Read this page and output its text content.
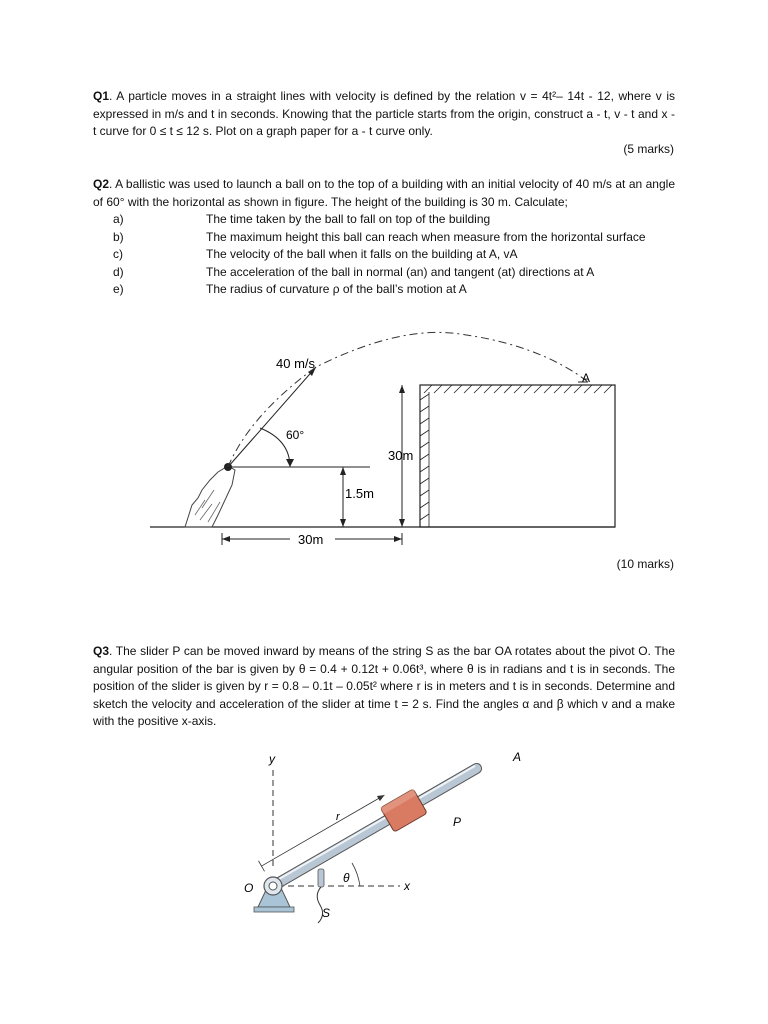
Q1. A particle moves in a straight lines with velocity is defined by the relation v = 4t²– 14t - 12, where v is expressed in m/s and t in seconds. Knowing that the particle starts from the origin, construct a - t, v - t and x - t curve for 0 ≤ t ≤ 12 s. Plot on a graph paper for a - t curve only.

(5 marks)

Q2. A ballistic was used to launch a ball on to the top of a building with an initial velocity of 40 m/s at an angle of 60° with the horizontal as shown in figure. The height of the building is 30 m. Calculate;

a)	The time taken by the ball to fall on top of the building
b)	The maximum height this ball can reach when measure from the horizontal surface
c)	The velocity of the ball when it falls on the building at A, vA
d)	The acceleration of the ball in normal (an) and tangent (at) directions at A
e)	The radius of curvature ρ of the ball’s motion at A
40 m/s
60°
1.5m
30m
30m
A
(10 marks)

Q3. The slider P can be moved inward by means of the string S as the bar OA rotates about the pivot O. The angular position of the bar is given by θ = 0.4 + 0.12t + 0.06t³, where θ is in radians and t is in seconds. The position of the slider is given by r = 0.8 – 0.1t – 0.05t² where r is in meters and t is in seconds. Determine and sketch the velocity and acceleration of the slider at time t = 2 s. Find the angles α and β which v and a make with the positive x-axis.

y
x
O
A
P
r
θ
S
